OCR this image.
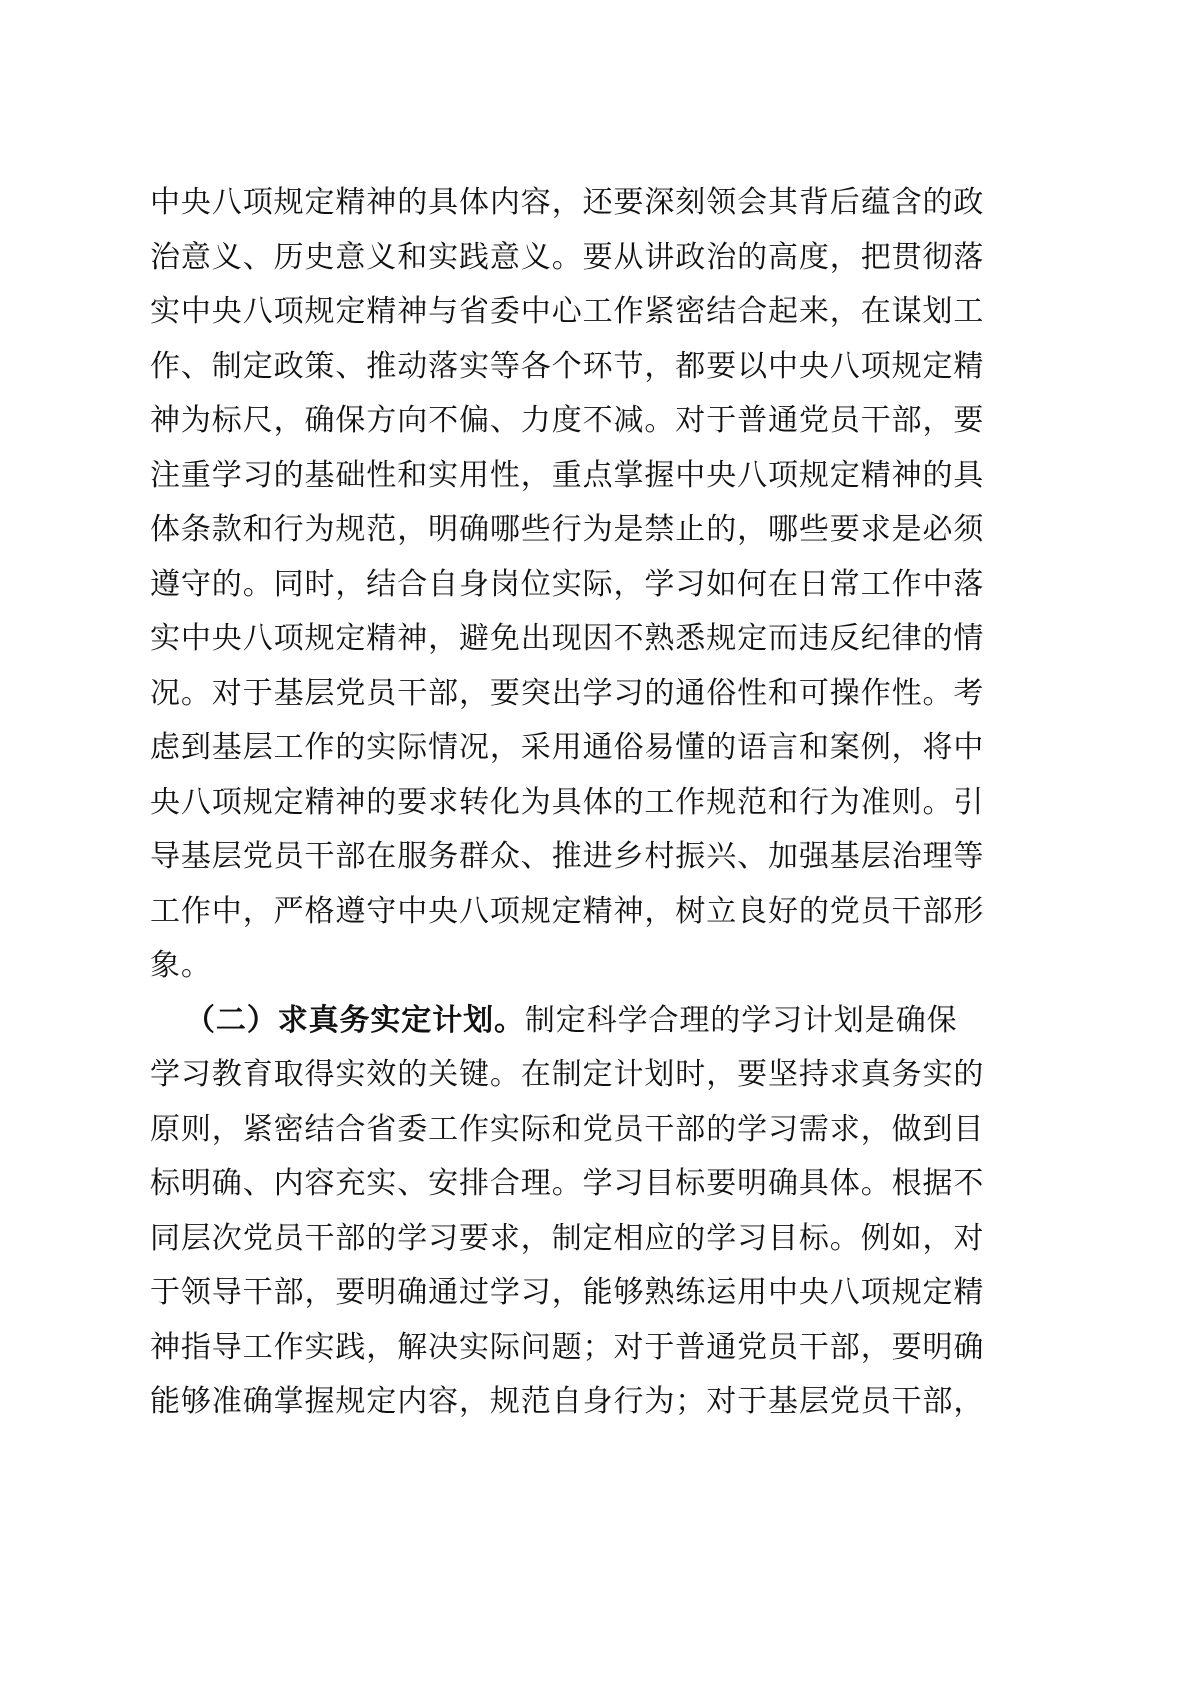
中央八项规定精神的具体内容，还要深刻领会其背后蕴含的政
治意义、历史意义和实践意义。要从讲政治的高度，把贯彻落
实中央八项规定精神与省委中心工作紧密结合起来，在谋划工
作、制定政策、推动落实等各个环节，都要以中央八项规定精
神为标尺，确保方向不偏、力度不减。对于普通党员干部，要
注重学习的基础性和实用性，重点掌握中央八项规定精神的具
体条款和行为规范，明确哪些行为是禁止的，哪些要求是必须
遵守的。同时，结合自身岗位实际，学习如何在日常工作中落
实中央八项规定精神，避免出现因不熟悉规定而违反纪律的情
况。对于基层党员干部，要突出学习的通俗性和可操作性。考
虑到基层工作的实际情况，采用通俗易懂的语言和案例，将中
央八项规定精神的要求转化为具体的工作规范和行为准则。引
导基层党员干部在服务群众、推进乡村振兴、加强基层治理等
工作中，严格遵守中央八项规定精神，树立良好的党员干部形
象。
（二）求真务实定计划。制定科学合理的学习计划是确保
学习教育取得实效的关键。在制定计划时，要坚持求真务实的
原则，紧密结合省委工作实际和党员干部的学习需求，做到目
标明确、内容充实、安排合理。学习目标要明确具体。根据不
同层次党员干部的学习要求，制定相应的学习目标。例如，对
于领导干部，要明确通过学习，能够熟练运用中央八项规定精
神指导工作实践，解决实际问题；对于普通党员干部，要明确
能够准确掌握规定内容，规范自身行为；对于基层党员干部，
